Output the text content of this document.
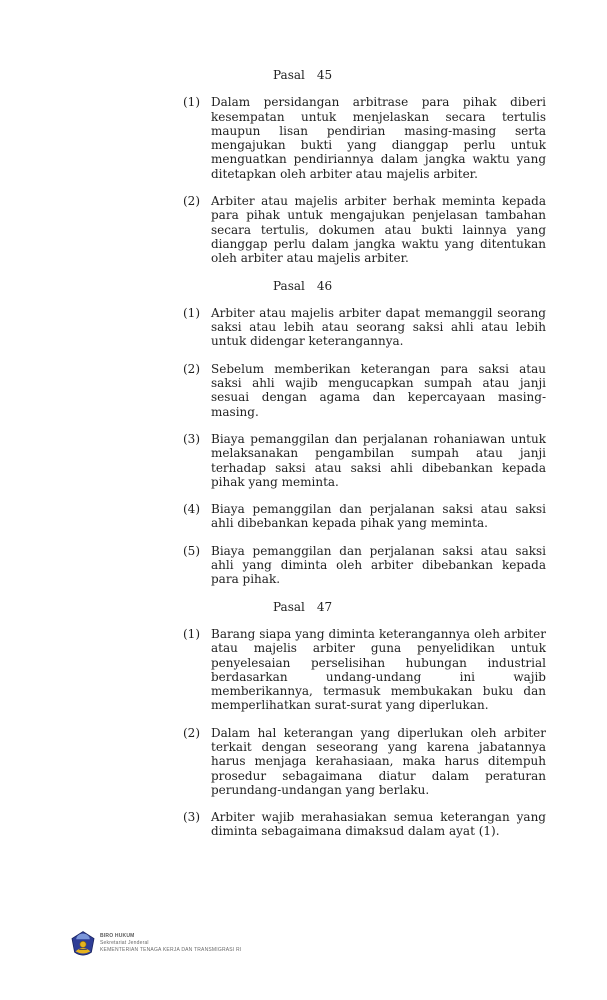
Pasal 45
(1) Dalam persidangan arbitrase para pihak diberi kesempatan untuk menjelaskan secara tertulis maupun lisan pendirian masing-masing serta mengajukan bukti yang dianggap perlu untuk menguatkan pendiriannya dalam jangka waktu yang ditetapkan oleh arbiter atau majelis arbiter.

(2) Arbiter atau majelis arbiter berhak meminta kepada para pihak untuk mengajukan penjelasan tambahan secara tertulis, dokumen atau bukti lainnya yang dianggap perlu dalam jangka waktu yang ditentukan oleh arbiter atau majelis arbiter.

Pasal 46
(1) Arbiter atau majelis arbiter dapat memanggil seorang saksi atau lebih atau seorang saksi ahli atau lebih untuk didengar keterangannya.

(2) Sebelum memberikan keterangan para saksi atau saksi ahli wajib mengucapkan sumpah atau janji sesuai dengan agama dan kepercayaan masing-masing.

(3) Biaya pemanggilan dan perjalanan rohaniawan untuk melaksanakan pengambilan sumpah atau janji terhadap saksi atau saksi ahli dibebankan kepada pihak yang meminta.

(4) Biaya pemanggilan dan perjalanan saksi atau saksi ahli dibebankan kepada pihak yang meminta.

(5) Biaya pemanggilan dan perjalanan saksi atau saksi ahli yang diminta oleh arbiter dibebankan kepada para pihak.

Pasal 47
(1) Barang siapa yang diminta keterangannya oleh arbiter atau majelis arbiter guna penyelidikan untuk penyelesaian perselisihan hubungan industrial berdasarkan undang-undang ini wajib memberikannya, termasuk membukakan buku dan memperlihatkan surat-surat yang diperlukan.

(2) Dalam hal keterangan yang diperlukan oleh arbiter terkait dengan seseorang yang karena jabatannya harus menjaga kerahasiaan, maka harus ditempuh prosedur sebagaimana diatur dalam peraturan perundang-undangan yang berlaku.

(3) Arbiter wajib merahasiakan semua keterangan yang diminta sebagaimana dimaksud dalam ayat (1).

BIRO HUKUM
Sekretariat Jenderal
KEMENTERIAN TENAGA KERJA DAN TRANSMIGRASI RI
